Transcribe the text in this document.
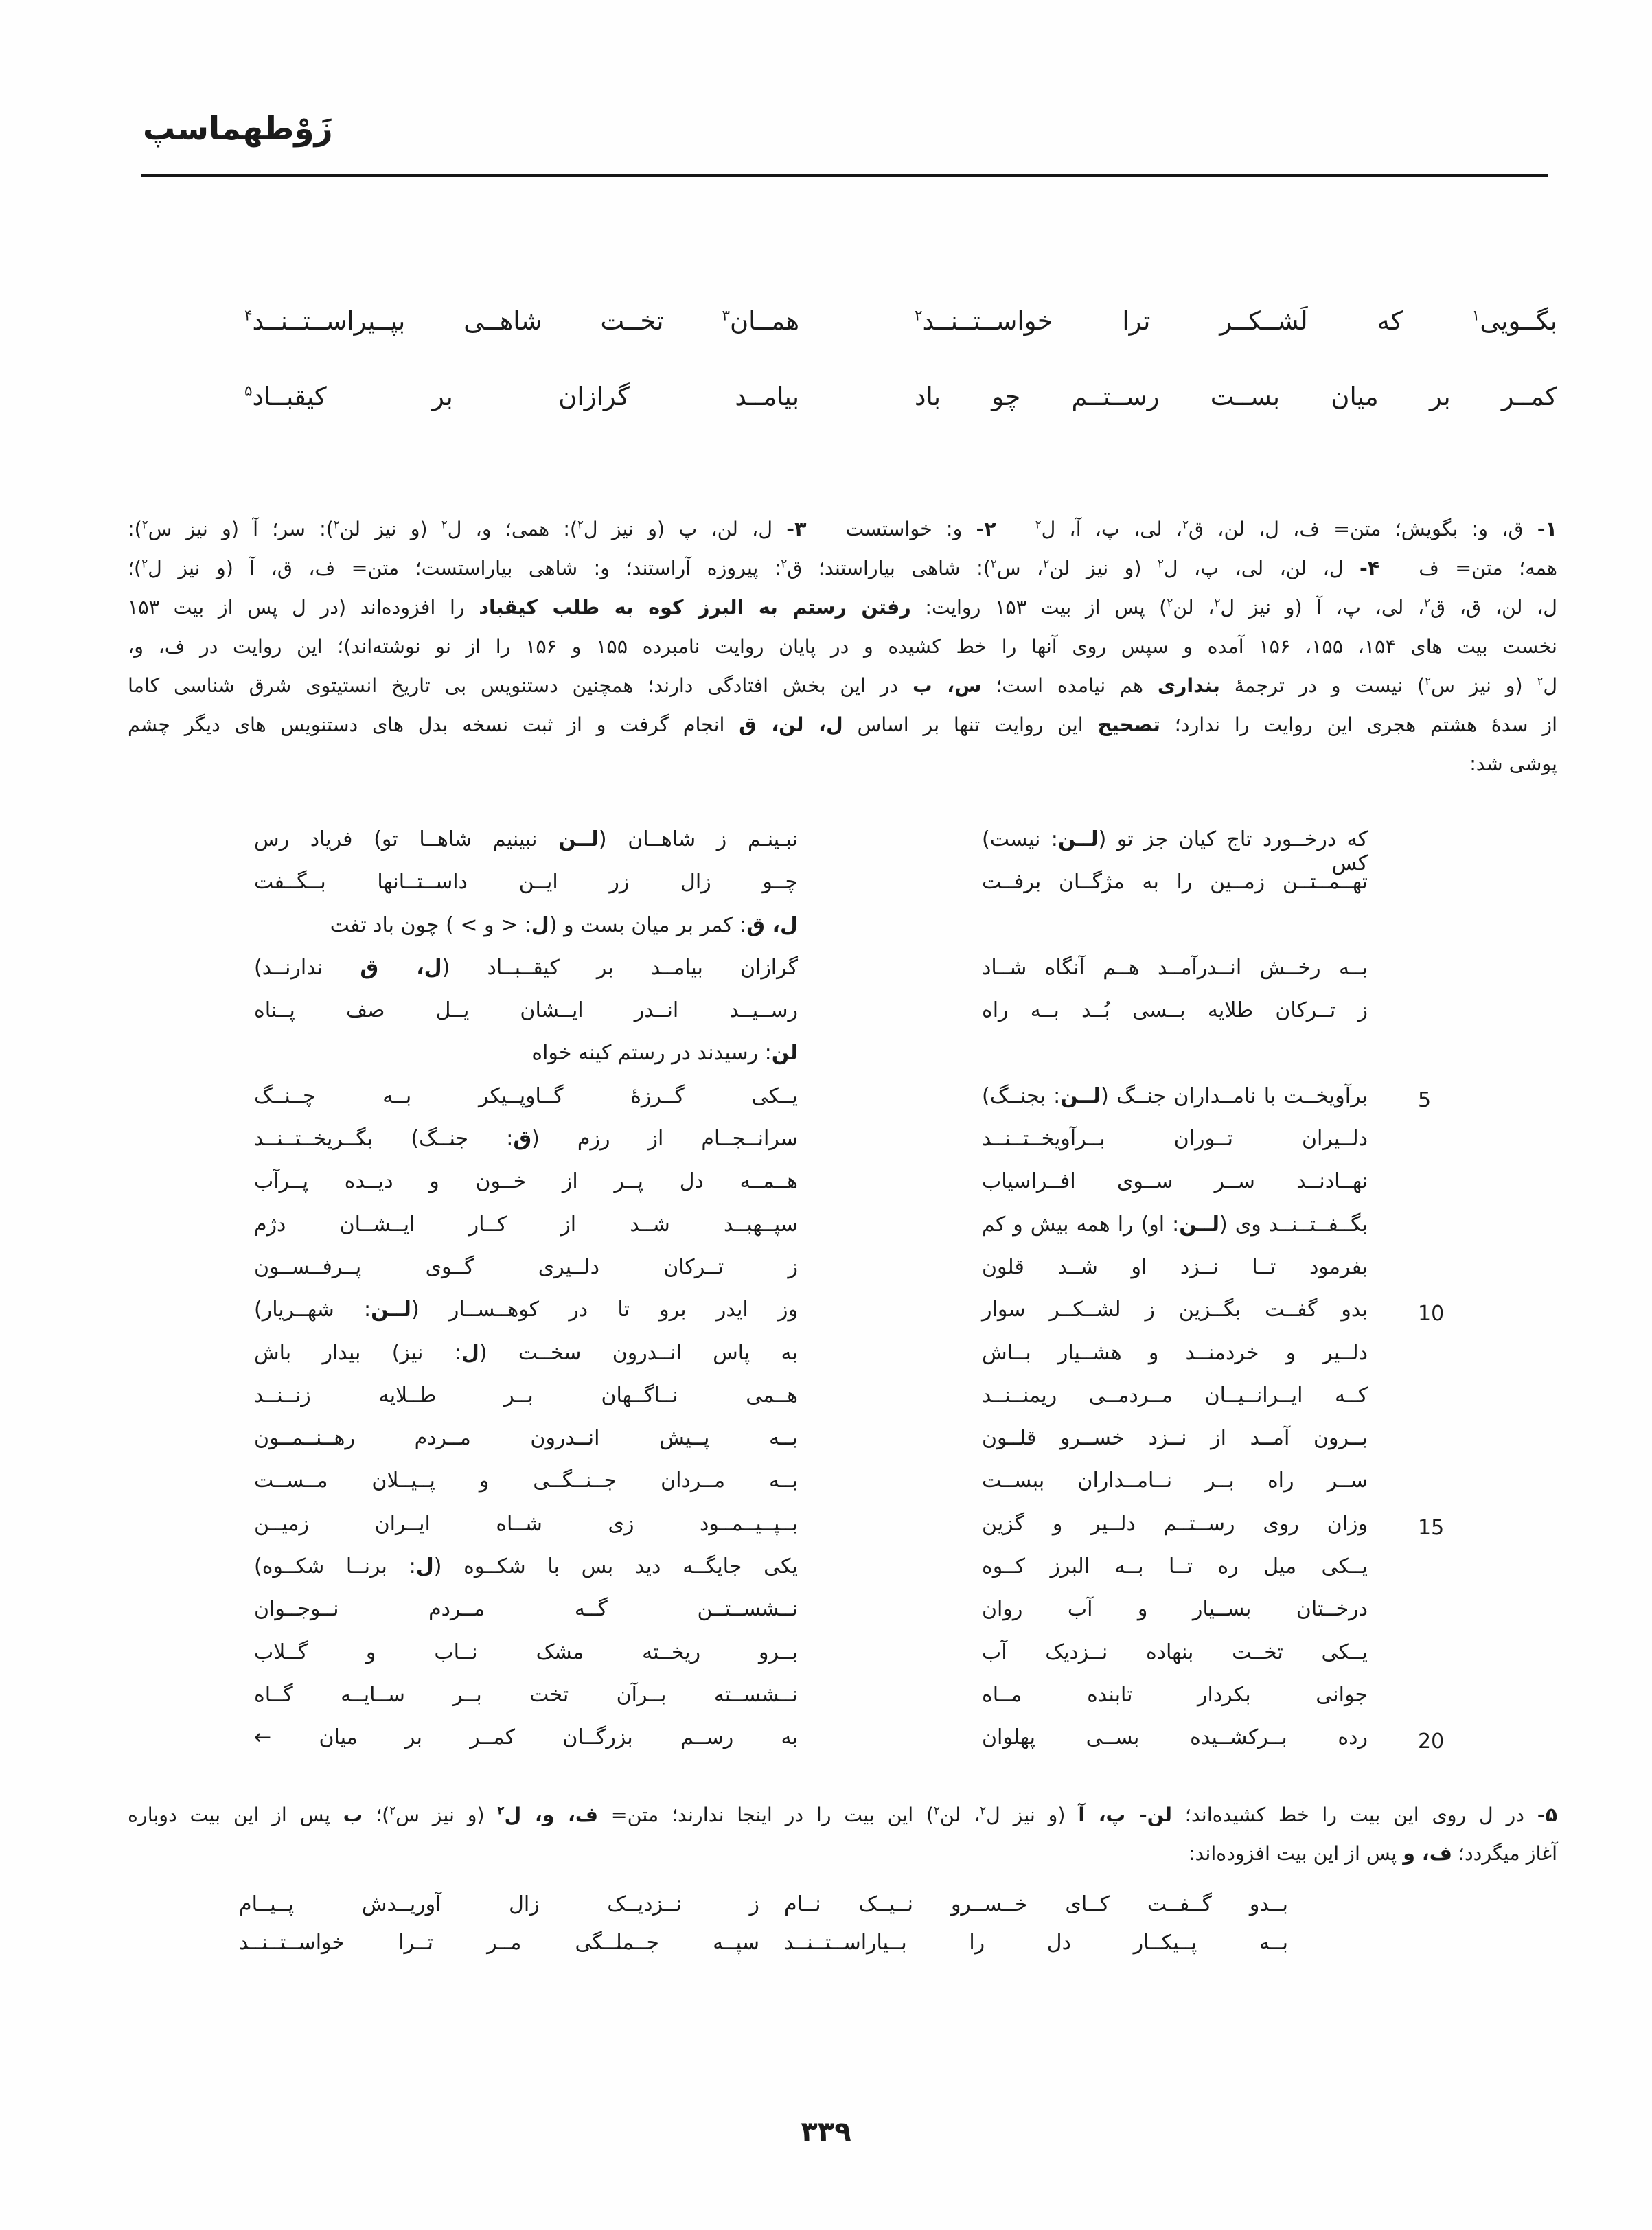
زَوْطهماسپ
بگــویی$^۱$ که لَشــکــر ترا خواســتــنــد$^۲$
همــان$^۳$ تخــت شاهــی بپــیراســتــنــد$^۴$
کمــر بر میان بســت رســتــم چو باد
بیامــد گرازان بر کیقبــاد$^۵$
۱- ق، و: بگویش؛ متن= ف، ل، لن، ق$^۲$، لی، پ، آ، ل$^۲$  ۲- و: خواستست  ۳- ل، لن، پ (و نیز ل$^۲$): همی؛ و، ل$^۲$ (و نیز لن$^۲$): سر؛ آ (و نیز س$^۲$):
همه؛ متن= ف  ۴- ل، لن، لی، پ، ل$^۲$ (و نیز لن$^۲$، س$^۲$): شاهی بیاراستند؛ ق$^۲$: پیروزه آراستند؛ و: شاهی بیاراستست؛ متن= ف، ق، آ (و نیز ل$^۲$)؛
ل، لن، ق، ق$^۲$، لی، پ، آ (و نیز ل$^۲$، لن$^۲$) پس از بیت ۱۵۳ روایت: رفتن رستم به البرز کوه به طلب کیقباد را افزوده‌اند (در ل پس از بیت ۱۵۳
نخست بیت های ۱۵۴، ۱۵۵، ۱۵۶ آمده و سپس روی آنها را خط کشیده و در پایان روایت نامبرده ۱۵۵ و ۱۵۶ را از نو نوشته‌اند)؛ این روایت در ف، و،
ل$^۲$ (و نیز س$^۲$) نیست و در ترجمهٔ بنداری هم نیامده است؛ س، ب در این بخش افتادگی دارند؛ همچنین دستنویس بی تاریخ انستیتوی شرق شناسی کاما
از سدهٔ هشتم هجری این روایت را ندارد؛ تصحیح این روایت تنها بر اساس ل، لن، ق انجام گرفت و از ثبت نسخه بدل های دستنویس های دیگر چشم
پوشی شد:
که درخــورد تاج کیان جز تو (لــن: نیست) کس
نبـینـم ز شاهــان (لــن نبینیم شاهــا تو) فریاد رس
تهــمــتــن زمــین را به مژگــان برفــت
چــو زال زر ایــن داســتــانها بــگــفت
ل، ق: کمر بر میان بست و (ل: < و > ) چون باد تفت
بــه رخــش انــدرآمــد هــم آنگاه شــاد
گرازان بیامــد بر کیقــبــاد (ل، ق ندارنــد)
ز تــرکان طلایه بــسی بُــد بــه راه
رســیــد انــدر ایــشان یــل صف پــناه
لن: رسیدند در رستم کینه خواه
برآویخــت با نامــداران جنــگ (لــن: بجنــگ)
یــکی گــرزهٔ گــاوپــیکر بــه چــنــگ	5
دلــیران تــوران بــرآویخــتــنــد
سرانــجــام از رزم (ق: جنــگ) بگــریخــتــنــد
نهــادنــد ســر ســوی افــراسیاب
هــمــه دل پــر از خــون و دیــده پــرآب
بگــفــتــنــد وی (لــن: او) را همه بیش و کم
سپــهبــد شــد از کــار ایــشــان دژم
بفرمود تــا نــزد او شــد قلون
ز تــرکان دلــیری گــوی پــرفــســون
بدو گفــت بگــزین ز لشــکــر سوار
وز ایدر برو تا در کوهــســار (لــن: شهــریار)	10
دلــیر و خردمنــد و هشــیار بــاش
به پاس انــدرون سخــت (ل: نیز) بیدار باش
کــه ایــرانــیــان مــردمــی ریمنــنــد
هــمی نــاگــهان بــر طــلایه زنــنــد
بــرون آمــد از نــزد خســرو قلــون
بــه پــیش انــدرون مــردم رهــنــمــون
ســر راه بــر نــامــداران ببســت
بــه مــردان جــنــگــی و پــیــلان مــســت
وزان روی رســتــم دلــیر و گزین
بــپــیــمــود زی شــاه ایــران زمیــن	15
یــکی میل ره تــا بــه البرز کــوه
یکی جایگــه دید بس با شکــوه (ل: برنــا شکــوه)
درخــتان بســیار و آب روان
نــشســتــن گــه مــردم نــوجــوان
یــکی تخــت بنهاده نــزدیک آب
بــرو ریخــته مشک نــاب و گــلاب
جوانی بکردار تابنده مــاه
نــشســته بــرآن تخت بــر ســایــه گــاه
رده بــرکشــیده بســی پهلوان
به رســم بزرگــان کمــر بر میان ←	20
۵- در ل روی این بیت را خط کشیده‌اند؛ لن- پ، آ (و نیز ل$^۲$، لن$^۲$) این بیت را در اینجا ندارند؛ متن= ف، و، ل$^۲$ (و نیز س$^۲$)؛ ب پس از این بیت دوباره
آغاز میگردد؛ ف، و پس از این بیت افزوده‌اند:
بــدو گــفــت کــای خــســرو نــیــک نــام
ز نــزدیــک زال آوریــدش پــیــام
بــه پــیکــار دل را بــیاراســتــنــد
سپــه جــملــگی مــر تــرا خواســتــنــد
۳۳۹
